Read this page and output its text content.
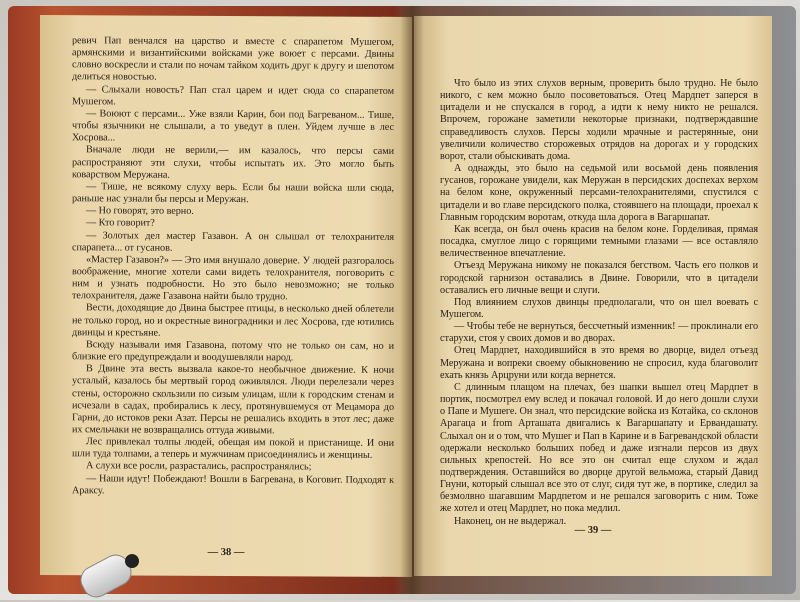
ревич Пап венчался на царство и вместе с спарапетом Мушегом, армянскими и византийскими войсками уже воюет с персами. Двины словно воскресли и стали по ночам тайком ходить друг к другу и шепотом делиться новостью.

— Слыхали новость? Пап стал царем и идет сюда со спарапетом Мушегом.

— Воюют с персами... Уже взяли Карин, бои под Багреваном... Тише, чтобы язычники не слышали, а то уведут в плен. Уйдем лучше в лес Хосрова...

Вначале люди не верили,— им казалось, что персы сами распространяют эти слухи, чтобы испытать их. Это могло быть коварством Меружана.

— Тише, не всякому слуху верь. Если бы наши войска шли сюда, раньше нас узнали бы персы и Меружан.

— Но говорят, это верно.

— Кто говорит?

— Золотых дел мастер Газавон. А он слышал от телохранителя спарапета... от гусанов.

«Мастер Газавон?» — Это имя внушало доверие. У людей разгоралось воображение, многие хотели сами видеть телохранителя, поговорить с ним и узнать подробности. Но это было невозможно; не только телохранителя, даже Газавона найти было трудно.

Вести, доходящие до Двина быстрее птицы, в несколько дней облетели не только город, но и окрестные виноградники и лес Хосрова, где ютились двинцы и крестьяне.

Всюду называли имя Газавона, потому что не только он сам, но и близкие его предупреждали и воодушевляли народ.

В Двине эта весть вызвала какое-то необычное движение. К ночи усталый, казалось бы мертвый город оживлялся. Люди перелезали через стены, осторожно скользили по сизым улицам, шли к городским стенам и исчезали в садах, пробирались к лесу, протянувшемуся от Мецамора до Гарни, до истоков реки Азат. Персы не решались входить в этот лес; даже их смельчаки не возвращались оттуда живыми.

Лес привлекал толпы людей, обещая им покой и пристанище. И они шли туда толпами, а теперь и мужчинам присоединялись и женщины.

А слухи все росли, разрастались, распространялись;

— Наши идут! Побеждают! Вошли в Багревана, в Коговит. Подходят к Араксу.

— 38 —

Что было из этих слухов верным, проверить было трудно. Не было никого, с кем можно было посоветоваться. Отец Мардпет заперся в цитадели и не спускался в город, а идти к нему никто не решался. Впрочем, горожане заметили некоторые признаки, подтверждавшие справедливость слухов. Персы ходили мрачные и растерянные, они увеличили количество сторожевых отрядов на дорогах и у городских ворот, стали обыскивать дома.

А однажды, это было на седьмой или восьмой день появления гусанов, горожане увидели, как Меружан в персидских доспехах верхом на белом коне, окруженный персами-телохранителями, спустился с цитадели и во главе персидского полка, стоявшего на площади, проехал к Главным городским воротам, откуда шла дорога в Вагаршапат.

Как всегда, он был очень красив на белом коне. Горделивая, прямая посадка, смуглое лицо с горящими темными глазами — все оставляло величественное впечатление.

Отъезд Меружана никому не показался бегством. Часть его полков и городской гарнизон оставались в Двине. Говорили, что в цитадели оставались его личные вещи и слуги.

Под влиянием слухов двинцы предполагали, что он шел воевать с Мушегом.

— Чтобы тебе не вернуться, бессчетный изменник! — проклинали его старухи, стоя у своих домов и во дворах.

Отец Мардпет, находившийся в это время во дворце, видел отъезд Меружана и вопреки своему обыкновению не спросил, куда благоволит ехать князь Арцруни или когда вернется.

С длинным плащом на плечах, без шапки вышел отец Мардпет в портик, посмотрел ему вслед и покачал головой. И до него дошли слухи о Папе и Мушеге. Он знал, что персидские войска из Котайка, со склонов Арагаца и from Арташата двигались к Вагаршапату и Ервандашату. Слыхал он и о том, что Мушег и Пап в Карине и в Багревандской области одержали несколько больших побед и даже изгнали персов из двух сильных крепостей. Но все это он считал еще слухом и ждал подтверждения. Оставшийся во дворце другой вельможа, старый Давид Гнуни, который слышал все это от слуг, сидя тут же, в портике, следил за безмолвно шагавшим Мардпетом и не решался заговорить с ним. Тоже же хотел и отец Мардпет, но пока медлил.

Наконец, он не выдержал.

— 39 —
